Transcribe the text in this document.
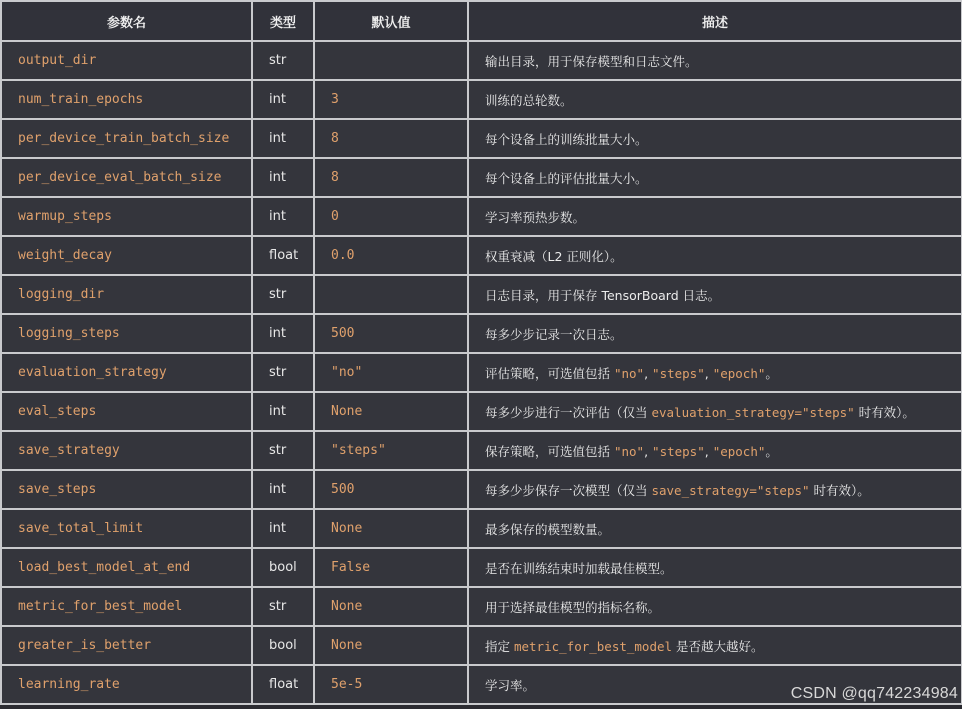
参数名	类型	默认值	描述
output_dir	str		输出目录，用于保存模型和日志文件。
num_train_epochs	int	3	训练的总轮数。
per_device_train_batch_size	int	8	每个设备上的训练批量大小。
per_device_eval_batch_size	int	8	每个设备上的评估批量大小。
warmup_steps	int	0	学习率预热步数。
weight_decay	float	0.0	权重衰减（L2 正则化）。
logging_dir	str		日志目录，用于保存 TensorBoard 日志。
logging_steps	int	500	每多少步记录一次日志。
evaluation_strategy	str	"no"	评估策略，可选值包括 "no", "steps", "epoch"。
eval_steps	int	None	每多少步进行一次评估（仅当 evaluation_strategy="steps" 时有效）。
save_strategy	str	"steps"	保存策略，可选值包括 "no", "steps", "epoch"。
save_steps	int	500	每多少步保存一次模型（仅当 save_strategy="steps" 时有效）。
save_total_limit	int	None	最多保存的模型数量。
load_best_model_at_end	bool	False	是否在训练结束时加载最佳模型。
metric_for_best_model	str	None	用于选择最佳模型的指标名称。
greater_is_better	bool	None	指定 metric_for_best_model 是否越大越好。
learning_rate	float	5e-5	学习率。	CSDN @qq742234984
